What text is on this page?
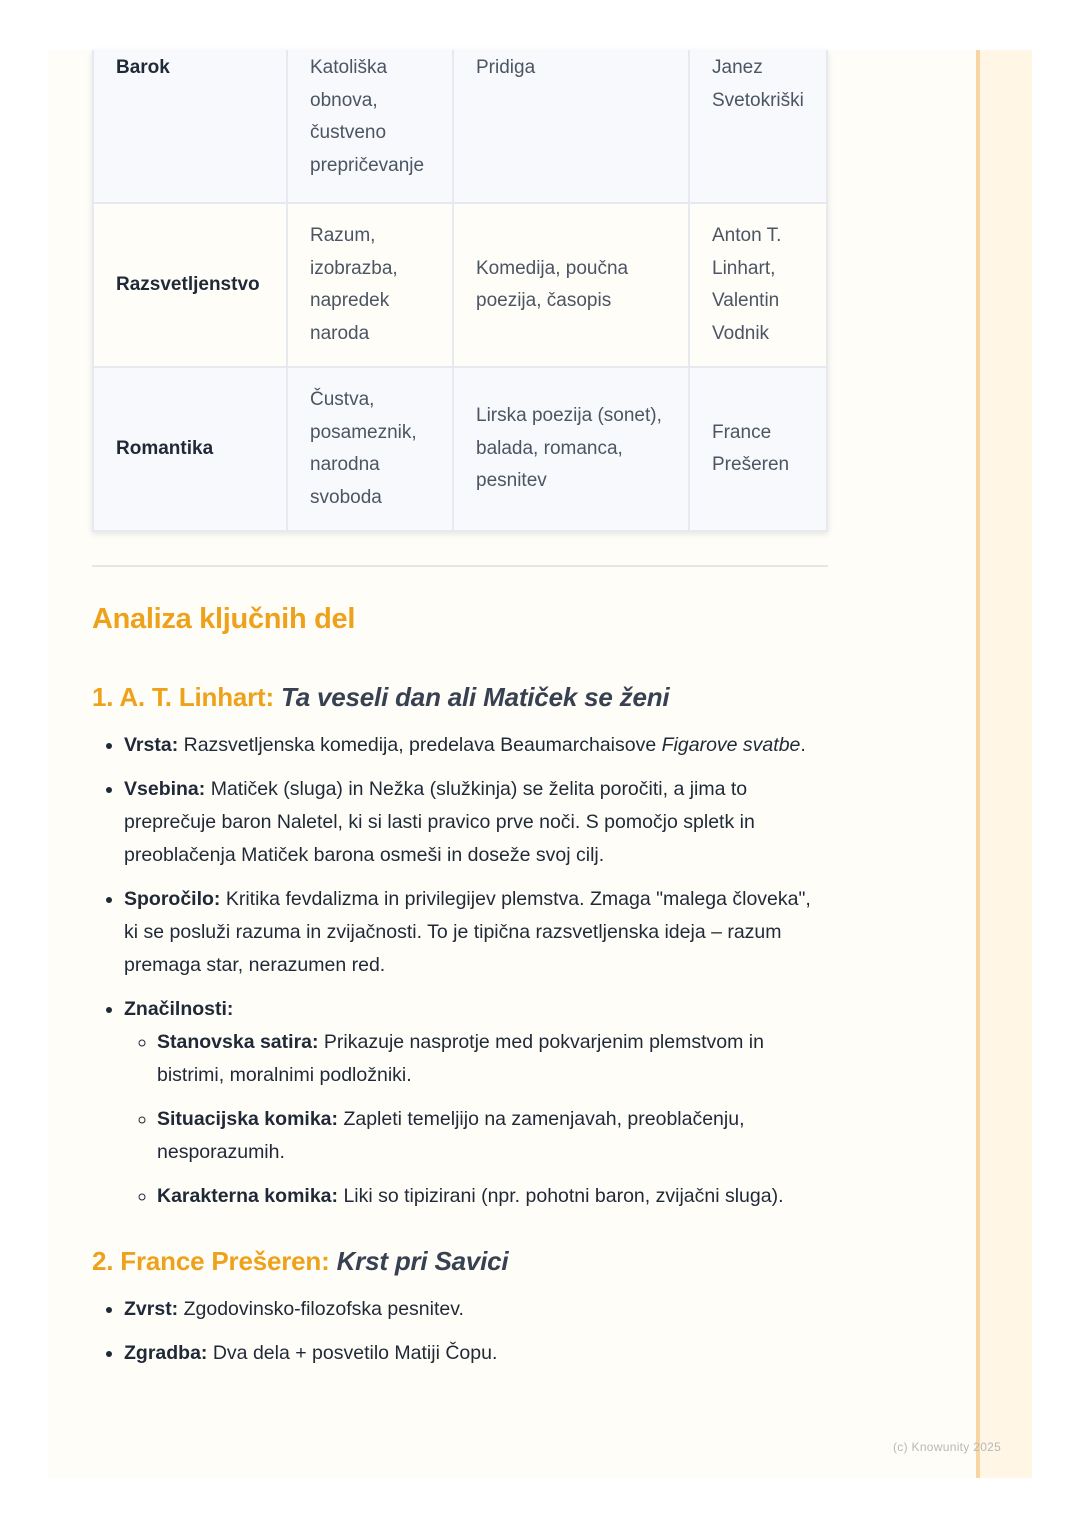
Barok	Katoliška obnova, čustveno prepričevanje	Pridiga	Janez Svetokriški
Razsvetljenstvo	Razum, izobrazba, napredek naroda	Komedija, poučna poezija, časopis	Anton T. Linhart, Valentin Vodnik
Romantika	Čustva, posameznik, narodna svoboda	Lirska poezija (sonet), balada, romanca, pesnitev	France Prešeren
Analiza ključnih del
1. A. T. Linhart: Ta veseli dan ali Matiček se ženi
• Vrsta: Razsvetljenska komedija, predelava Beaumarchaisove Figarove svatbe.
• Vsebina: Matiček (sluga) in Nežka (služkinja) se želita poročiti, a jima to preprečuje baron Naletel, ki si lasti pravico prve noči. S pomočjo spletk in preoblačenja Matiček barona osmeši in doseže svoj cilj.
• Sporočilo: Kritika fevdalizma in privilegijev plemstva. Zmaga "malega človeka", ki se posluži razuma in zvijačnosti. To je tipična razsvetljenska ideja – razum premaga star, nerazumen red.
• Značilnosti:
◦ Stanovska satira: Prikazuje nasprotje med pokvarjenim plemstvom in bistrimi, moralnimi podložniki.
◦ Situacijska komika: Zapleti temeljijo na zamenjavah, preoblačenju, nesporazumih.
◦ Karakterna komika: Liki so tipizirani (npr. pohotni baron, zvijačni sluga).
2. France Prešeren: Krst pri Savici
• Zvrst: Zgodovinsko-filozofska pesnitev.
• Zgradba: Dva dela + posvetilo Matiji Čopu.
(c) Knowunity 2025
